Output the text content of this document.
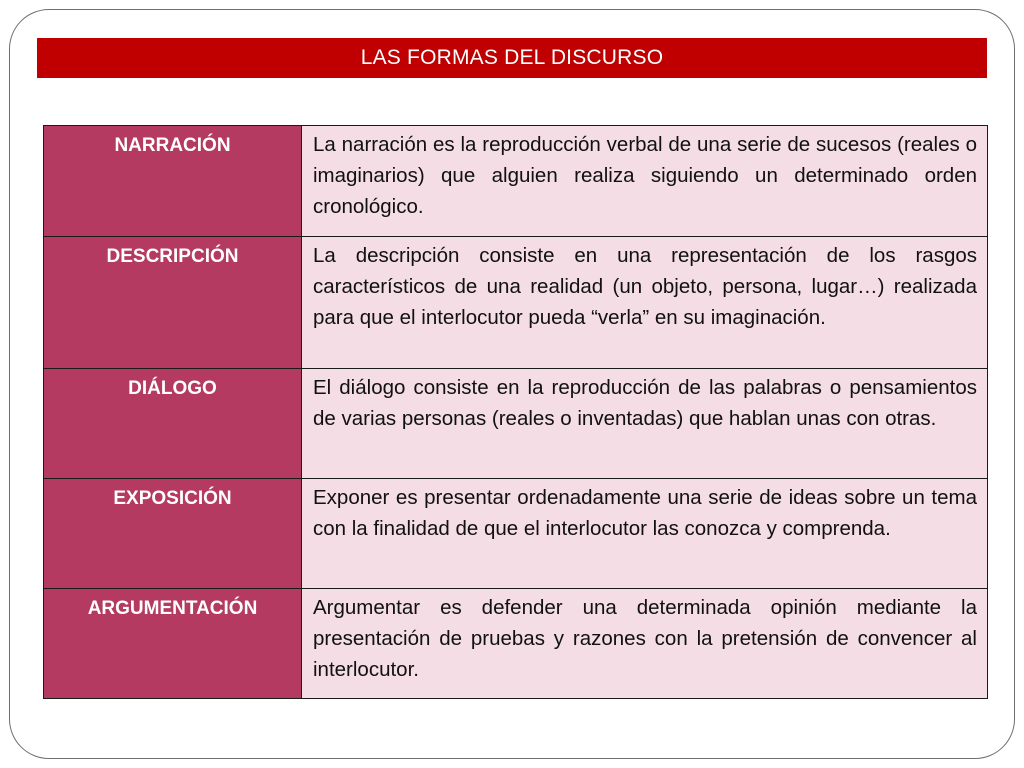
LAS FORMAS DEL DISCURSO
NARRACIÓN	La narración es la reproducción verbal de una serie de sucesos (reales o imaginarios) que alguien realiza siguiendo un determinado orden cronológico.
DESCRIPCIÓN	La descripción consiste en una representación de los rasgos característicos de una realidad (un objeto, persona, lugar…) realizada para que el interlocutor pueda “verla” en su imaginación.
DIÁLOGO	El diálogo consiste en la reproducción de las palabras o pensamientos de varias personas (reales o inventadas) que hablan unas con otras.
EXPOSICIÓN	Exponer es presentar ordenadamente una serie de ideas sobre un tema con la finalidad de que el interlocutor las conozca y comprenda.
ARGUMENTACIÓN	Argumentar es defender una determinada opinión mediante la presentación de pruebas y razones con la pretensión de convencer al interlocutor.
